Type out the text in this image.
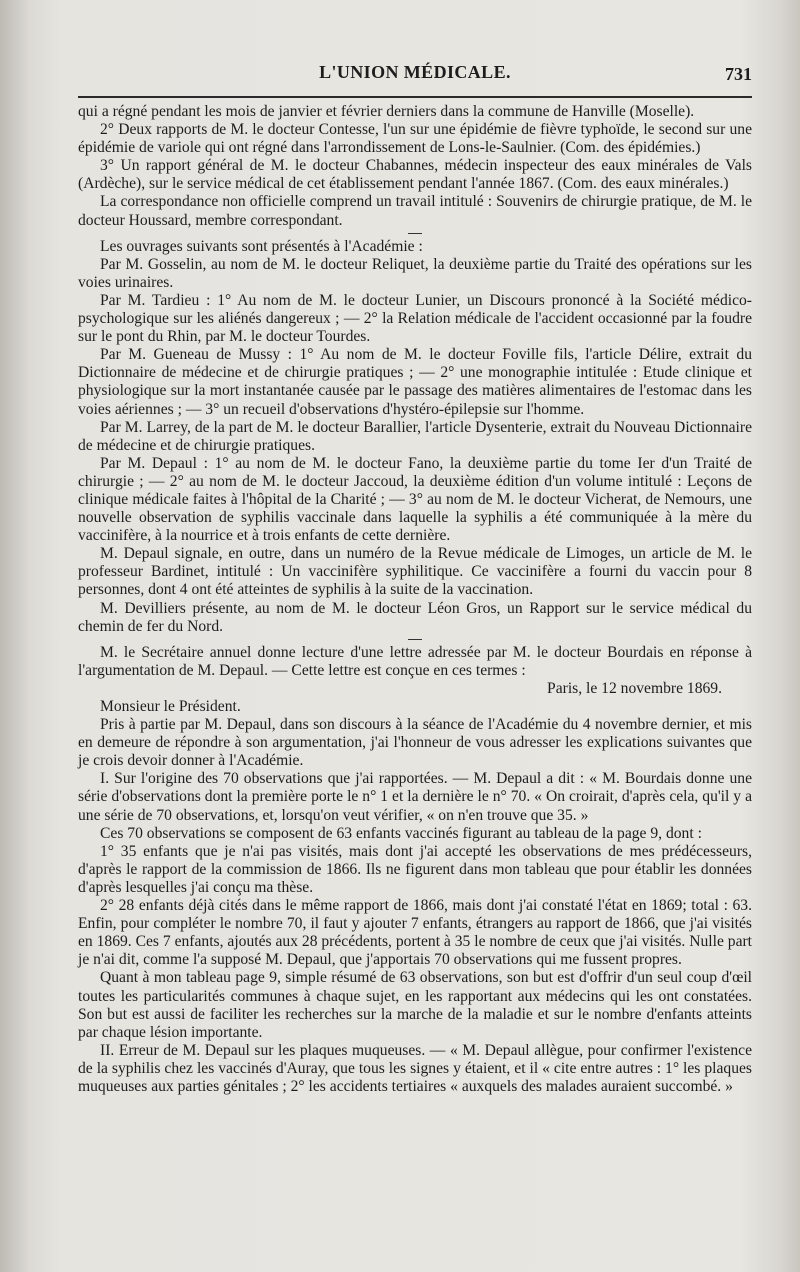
L'UNION MÉDICALE.	731

qui a régné pendant les mois de janvier et février derniers dans la commune de Hanville (Moselle).

2° Deux rapports de M. le docteur Contesse, l'un sur une épidémie de fièvre typhoïde, le second sur une épidémie de variole qui ont régné dans l'arrondissement de Lons-le-Saulnier. (Com. des épidémies.)

3° Un rapport général de M. le docteur Chabannes, médecin inspecteur des eaux minérales de Vals (Ardèche), sur le service médical de cet établissement pendant l'année 1867. (Com. des eaux minérales.)

La correspondance non officielle comprend un travail intitulé : Souvenirs de chirurgie pratique, de M. le docteur Houssard, membre correspondant.

Les ouvrages suivants sont présentés à l'Académie :

Par M. Gosselin, au nom de M. le docteur Reliquet, la deuxième partie du Traité des opérations sur les voies urinaires.

Par M. Tardieu : 1° Au nom de M. le docteur Lunier, un Discours prononcé à la Société médico-psychologique sur les aliénés dangereux ; — 2° la Relation médicale de l'accident occasionné par la foudre sur le pont du Rhin, par M. le docteur Tourdes.

Par M. Gueneau de Mussy : 1° Au nom de M. le docteur Foville fils, l'article Délire, extrait du Dictionnaire de médecine et de chirurgie pratiques ; — 2° une monographie intitulée : Etude clinique et physiologique sur la mort instantanée causée par le passage des matières alimentaires de l'estomac dans les voies aériennes ; — 3° un recueil d'observations d'hystéro-épilepsie sur l'homme.

Par M. Larrey, de la part de M. le docteur Barallier, l'article Dysenterie, extrait du Nouveau Dictionnaire de médecine et de chirurgie pratiques.

Par M. Depaul : 1° au nom de M. le docteur Fano, la deuxième partie du tome Ier d'un Traité de chirurgie ; — 2° au nom de M. le docteur Jaccoud, la deuxième édition d'un volume intitulé : Leçons de clinique médicale faites à l'hôpital de la Charité ; — 3° au nom de M. le docteur Vicherat, de Nemours, une nouvelle observation de syphilis vaccinale dans laquelle la syphilis a été communiquée à la mère du vaccinifère, à la nourrice et à trois enfants de cette dernière.

M. Depaul signale, en outre, dans un numéro de la Revue médicale de Limoges, un article de M. le professeur Bardinet, intitulé : Un vaccinifère syphilitique. Ce vaccinifère a fourni du vaccin pour 8 personnes, dont 4 ont été atteintes de syphilis à la suite de la vaccination.

M. Devilliers présente, au nom de M. le docteur Léon Gros, un Rapport sur le service médical du chemin de fer du Nord.

M. le Secrétaire annuel donne lecture d'une lettre adressée par M. le docteur Bourdais en réponse à l'argumentation de M. Depaul. — Cette lettre est conçue en ces termes :

Paris, le 12 novembre 1869.

Monsieur le Président.

Pris à partie par M. Depaul, dans son discours à la séance de l'Académie du 4 novembre dernier, et mis en demeure de répondre à son argumentation, j'ai l'honneur de vous adresser les explications suivantes que je crois devoir donner à l'Académie.

I. Sur l'origine des 70 observations que j'ai rapportées. — M. Depaul a dit : « M. Bourdais donne une série d'observations dont la première porte le n° 1 et la dernière le n° 70. « On croirait, d'après cela, qu'il y a une série de 70 observations, et, lorsqu'on veut vérifier, « on n'en trouve que 35. »

Ces 70 observations se composent de 63 enfants vaccinés figurant au tableau de la page 9, dont :

1° 35 enfants que je n'ai pas visités, mais dont j'ai accepté les observations de mes prédécesseurs, d'après le rapport de la commission de 1866. Ils ne figurent dans mon tableau que pour établir les données d'après lesquelles j'ai conçu ma thèse.

2° 28 enfants déjà cités dans le même rapport de 1866, mais dont j'ai constaté l'état en 1869; total : 63. Enfin, pour compléter le nombre 70, il faut y ajouter 7 enfants, étrangers au rapport de 1866, que j'ai visités en 1869. Ces 7 enfants, ajoutés aux 28 précédents, portent à 35 le nombre de ceux que j'ai visités. Nulle part je n'ai dit, comme l'a supposé M. Depaul, que j'apportais 70 observations qui me fussent propres.

Quant à mon tableau page 9, simple résumé de 63 observations, son but est d'offrir d'un seul coup d'œil toutes les particularités communes à chaque sujet, en les rapportant aux médecins qui les ont constatées. Son but est aussi de faciliter les recherches sur la marche de la maladie et sur le nombre d'enfants atteints par chaque lésion importante.

II. Erreur de M. Depaul sur les plaques muqueuses. — « M. Depaul allègue, pour confirmer l'existence de la syphilis chez les vaccinés d'Auray, que tous les signes y étaient, et il « cite entre autres : 1° les plaques muqueuses aux parties génitales ; 2° les accidents tertiaires « auxquels des malades auraient succombé. »
